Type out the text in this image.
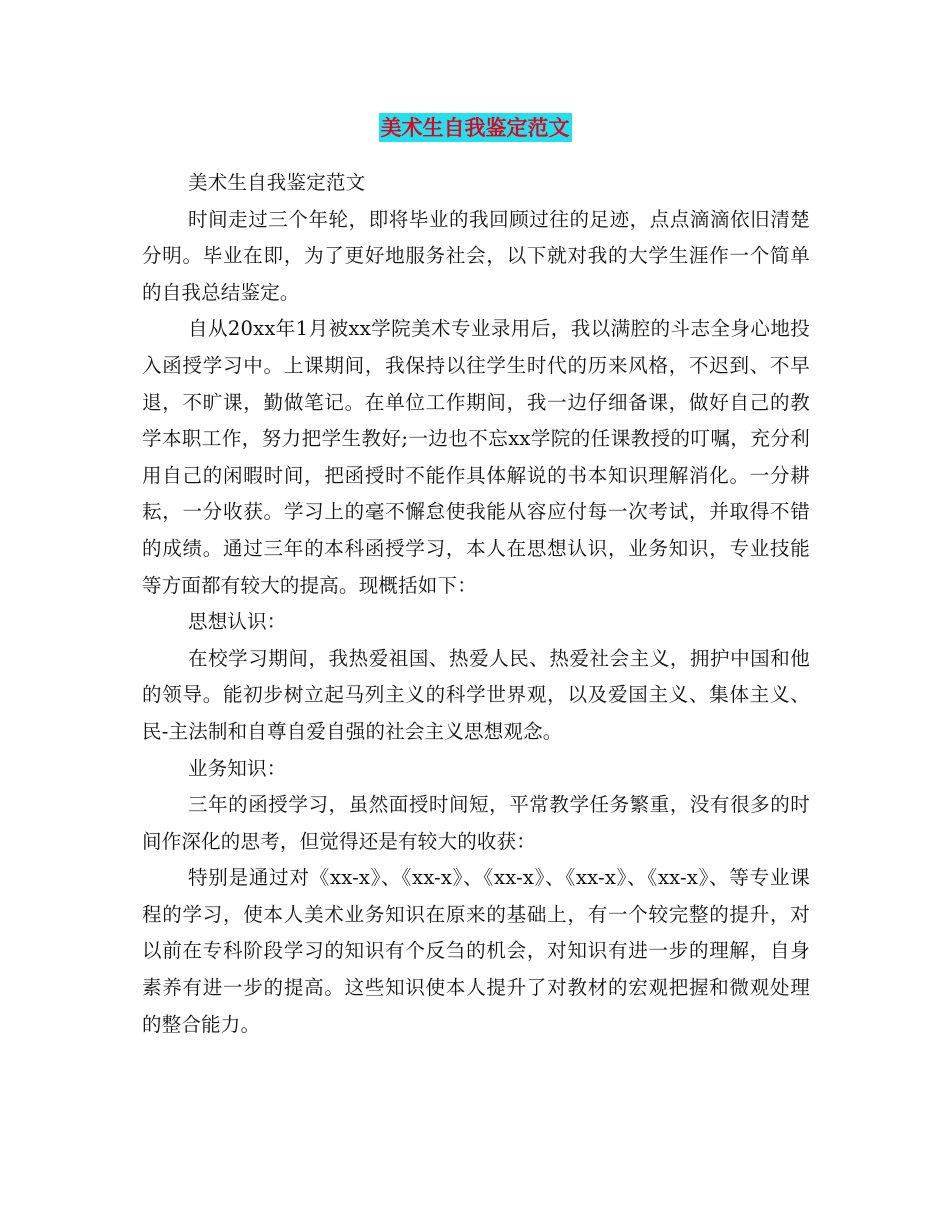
美术生自我鉴定范文

美术生自我鉴定范文

时间走过三个年轮，即将毕业的我回顾过往的足迹，点点滴滴依旧清楚分明。毕业在即，为了更好地服务社会，以下就对我的大学生涯作一个简单的自我总结鉴定。

自从20xx年1月被xx学院美术专业录用后，我以满腔的斗志全身心地投入函授学习中。上课期间，我保持以往学生时代的历来风格，不迟到、不早退，不旷课，勤做笔记。在单位工作期间，我一边仔细备课，做好自己的教学本职工作，努力把学生教好;一边也不忘xx学院的任课教授的叮嘱，充分利用自己的闲暇时间，把函授时不能作具体解说的书本知识理解消化。一分耕耘，一分收获。学习上的毫不懈怠使我能从容应付每一次考试，并取得不错的成绩。通过三年的本科函授学习，本人在思想认识，业务知识，专业技能等方面都有较大的提高。现概括如下：

思想认识：

在校学习期间，我热爱祖国、热爱人民、热爱社会主义，拥护中国和他的领导。能初步树立起马列主义的科学世界观，以及爱国主义、集体主义、民-主法制和自尊自爱自强的社会主义思想观念。

业务知识：

三年的函授学习，虽然面授时间短，平常教学任务繁重，没有很多的时间作深化的思考，但觉得还是有较大的收获：

特别是通过对《xx-x》、《xx-x》、《xx-x》、《xx-x》、《xx-x》、等专业课程的学习，使本人美术业务知识在原来的基础上，有一个较完整的提升，对以前在专科阶段学习的知识有个反刍的机会，对知识有进一步的理解，自身素养有进一步的提高。这些知识使本人提升了对教材的宏观把握和微观处理的整合能力。
